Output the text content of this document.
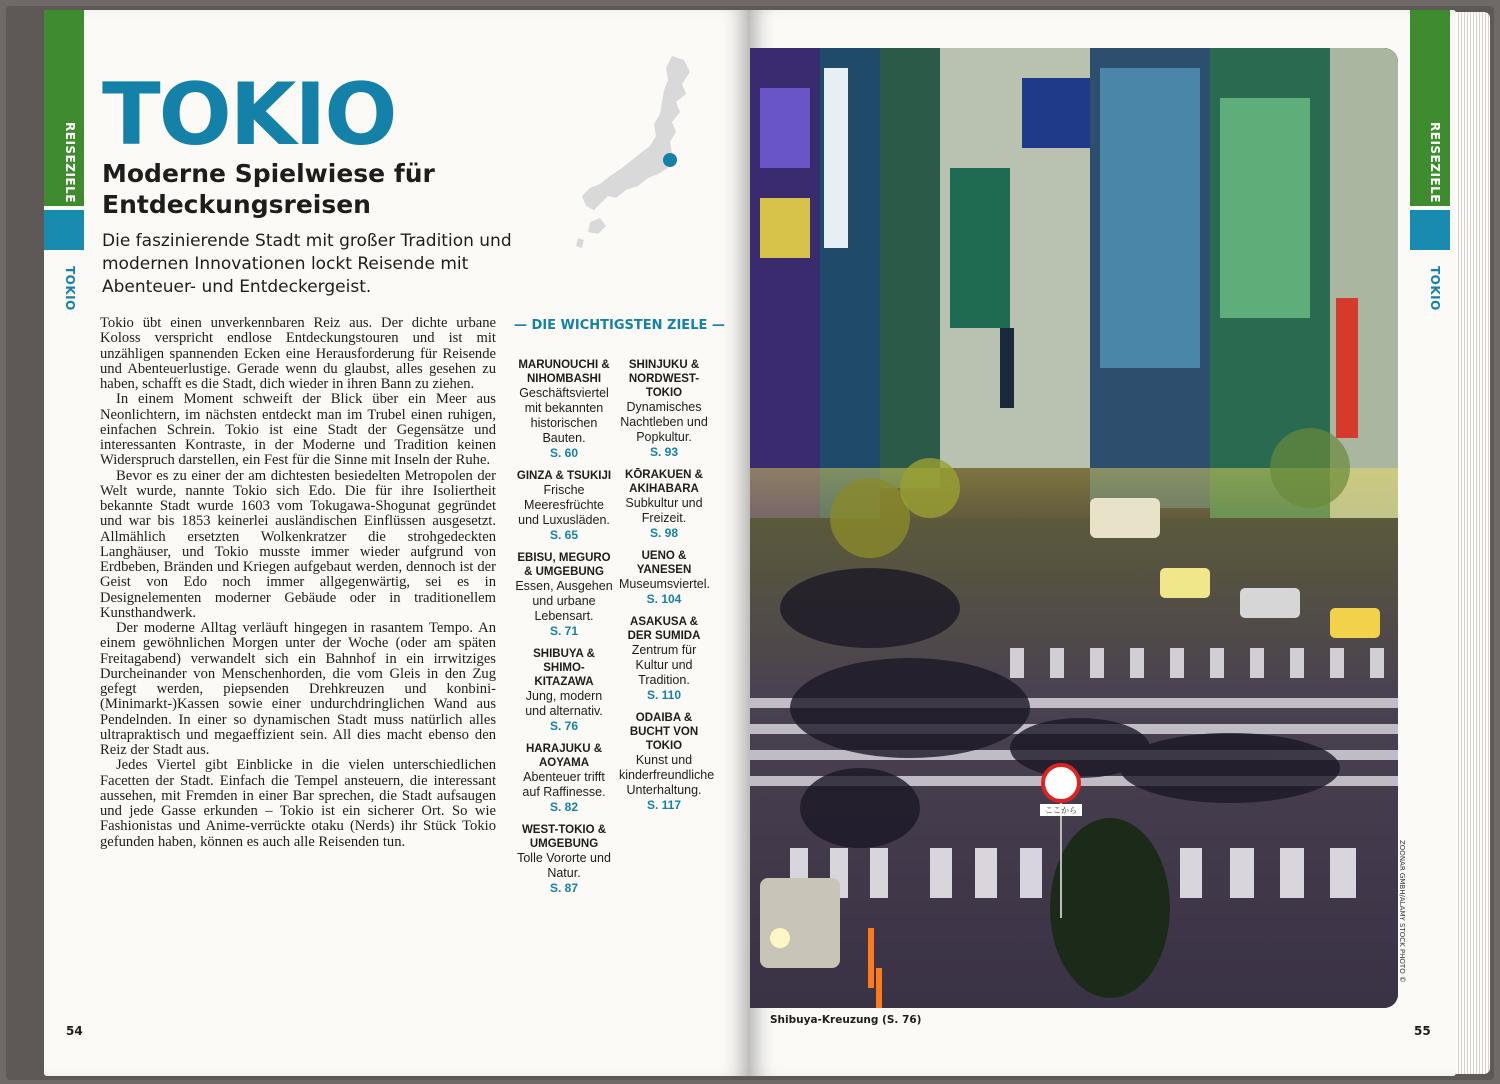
REISEZIELE
TOKIO
TOKIO
Moderne Spielwiese für Entdeckungsreisen
Die faszinierende Stadt mit großer Tradition und modernen Innovationen lockt Reisende mit Abenteuer- und Entdeckergeist.

Tokio übt einen unverkennbaren Reiz aus. Der dichte urbane Koloss verspricht endlose Entdeckungstouren und ist mit unzähligen spannenden Ecken eine Herausforderung für Reisende und Abenteuerlustige. Gerade wenn du glaubst, alles gesehen zu haben, schafft es die Stadt, dich wieder in ihren Bann zu ziehen.

In einem Moment schweift der Blick über ein Meer aus Neonlichtern, im nächsten entdeckt man im Trubel einen ruhigen, einfachen Schrein. Tokio ist eine Stadt der Gegensätze und interessanten Kontraste, in der Moderne und Tradition keinen Widerspruch darstellen, ein Fest für die Sinne mit Inseln der Ruhe.

Bevor es zu einer der am dichtesten besiedelten Metropolen der Welt wurde, nannte Tokio sich Edo. Die für ihre Isoliertheit bekannte Stadt wurde 1603 vom Tokugawa-Shogunat gegründet und war bis 1853 keinerlei ausländischen Einflüssen ausgesetzt. Allmählich ersetzten Wolkenkratzer die strohgedeckten Langhäuser, und Tokio musste immer wieder aufgrund von Erdbeben, Bränden und Kriegen aufgebaut werden, dennoch ist der Geist von Edo noch immer allgegenwärtig, sei es in Designelementen moderner Gebäude oder in traditionellem Kunsthandwerk.

Der moderne Alltag verläuft hingegen in rasantem Tempo. An einem gewöhnlichen Morgen unter der Woche (oder am späten Freitagabend) verwandelt sich ein Bahnhof in ein irrwitziges Durcheinander von Menschenhorden, die vom Gleis in den Zug gefegt werden, piepsenden Drehkreuzen und konbini-(Minimarkt-)Kassen sowie einer undurchdringlichen Wand aus Pendelnden. In einer so dynamischen Stadt muss natürlich alles ultrapraktisch und megaeffizient sein. All dies macht ebenso den Reiz der Stadt aus.

Jedes Viertel gibt Einblicke in die vielen unterschiedlichen Facetten der Stadt. Einfach die Tempel ansteuern, die interessant aussehen, mit Fremden in einer Bar sprechen, die Stadt aufsaugen und jede Gasse erkunden – Tokio ist ein sicherer Ort. So wie Fashionistas und Anime-verrückte otaku (Nerds) ihr Stück Tokio gefunden haben, können es auch alle Reisenden tun.

— DIE WICHTIGSTEN ZIELE —
MARUNOUCHI & NIHOMBASHI
Geschäftsviertel mit bekannten historischen Bauten.
S. 60
GINZA & TSUKIJI
Frische Meeresfrüchte und Luxusläden.
S. 65
EBISU, MEGURO & UMGEBUNG
Essen, Ausgehen und urbane Lebensart.
S. 71
SHIBUYA & SHIMO-KITAZAWA
Jung, modern und alternativ.
S. 76
HARAJUKU & AOYAMA
Abenteuer trifft auf Raffinesse.
S. 82
WEST-TOKIO & UMGEBUNG
Tolle Vororte und Natur.
S. 87
SHINJUKU & NORDWEST-TOKIO
Dynamisches Nachtleben und Popkultur.
S. 93
KŌRAKUEN & AKIHABARA
Subkultur und Freizeit.
S. 98
UENO & YANESEN
Museumsviertel.
S. 104
ASAKUSA & DER SUMIDA
Zentrum für Kultur und Tradition.
S. 110
ODAIBA & BUCHT VON TOKIO
Kunst und kinderfreundliche Unterhaltung.
S. 117
54
ここから
REISEZIELE
TOKIO
ZOONAR GMBH/ALAMY STOCK PHOTO ©
Shibuya-Kreuzung (S. 76)
55
